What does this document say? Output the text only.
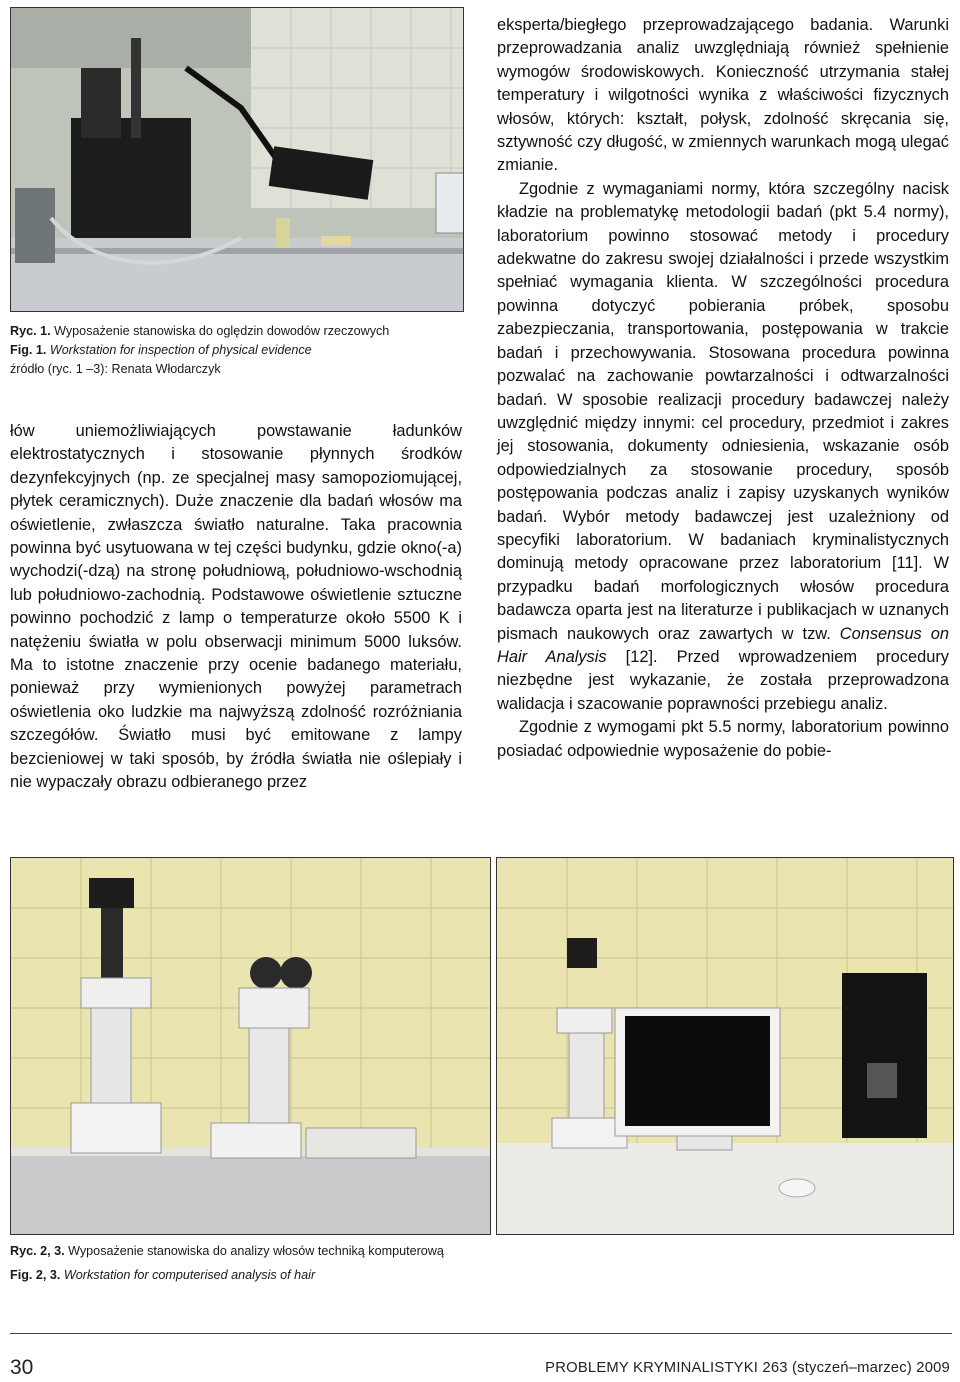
Ryc. 1. Wyposażenie stanowiska do oględzin dowodów rzeczowych
Fig. 1. Workstation for inspection of physical evidence
źródło (ryc. 1 –3): Renata Włodarczyk

łów uniemożliwiających powstawanie ładunków elektrostatycznych i stosowanie płynnych środków dezynfekcyjnych (np. ze specjalnej masy samopoziomującej, płytek ceramicznych). Duże znaczenie dla badań włosów ma oświetlenie, zwłaszcza światło naturalne. Taka pracownia powinna być usytuowana w tej części budynku, gdzie okno(-a) wychodzi(-dzą) na stronę południową, południowo-wschodnią lub południowo-zachodnią. Podstawowe oświetlenie sztuczne powinno pochodzić z lamp o temperaturze około 5500 K i natężeniu światła w polu obserwacji minimum 5000 luksów. Ma to istotne znaczenie przy ocenie badanego materiału, ponieważ przy wymienionych powyżej parametrach oświetlenia oko ludzkie ma najwyższą zdolność rozróżniania szczegółów. Światło musi być emitowane z lampy bezcieniowej w taki sposób, by źródła światła nie oślepiały i nie wypaczały obrazu odbieranego przez

eksperta/biegłego przeprowadzającego badania. Warunki przeprowadzania analiz uwzględniają również spełnienie wymogów środowiskowych. Konieczność utrzymania stałej temperatury i wilgotności wynika z właściwości fizycznych włosów, których: kształt, połysk, zdolność skręcania się, sztywność czy długość, w zmiennych warunkach mogą ulegać zmianie.

Zgodnie z wymaganiami normy, która szczególny nacisk kładzie na problematykę metodologii badań (pkt 5.4 normy), laboratorium powinno stosować metody i procedury adekwatne do zakresu swojej działalności i przede wszystkim spełniać wymagania klienta. W szczególności procedura powinna dotyczyć pobierania próbek, sposobu zabezpieczania, transportowania, postępowania w trakcie badań i przechowywania. Stosowana procedura powinna pozwalać na zachowanie powtarzalności i odtwarzalności badań. W sposobie realizacji procedury badawczej należy uwzględnić między innymi: cel procedury, przedmiot i zakres jej stosowania, dokumenty odniesienia, wskazanie osób odpowiedzialnych za stosowanie procedury, sposób postępowania podczas analiz i zapisy uzyskanych wyników badań. Wybór metody badawczej jest uzależniony od specyfiki laboratorium. W badaniach kryminalistycznych dominują metody opracowane przez laboratorium [11]. W przypadku badań morfologicznych włosów procedura badawcza oparta jest na literaturze i publikacjach w uznanych pismach naukowych oraz zawartych w tzw. Consensus on Hair Analysis [12]. Przed wprowadzeniem procedury niezbędne jest wykazanie, że została przeprowadzona walidacja i szacowanie poprawności przebiegu analiz.

Zgodnie z wymogami pkt 5.5 normy, laboratorium powinno posiadać odpowiednie wyposażenie do pobie-

Ryc. 2, 3. Wyposażenie stanowiska do analizy włosów techniką komputerową
Fig. 2, 3. Workstation for computerised analysis of hair
30	PROBLEMY KRYMINALISTYKI 263 (styczeń–marzec) 2009
